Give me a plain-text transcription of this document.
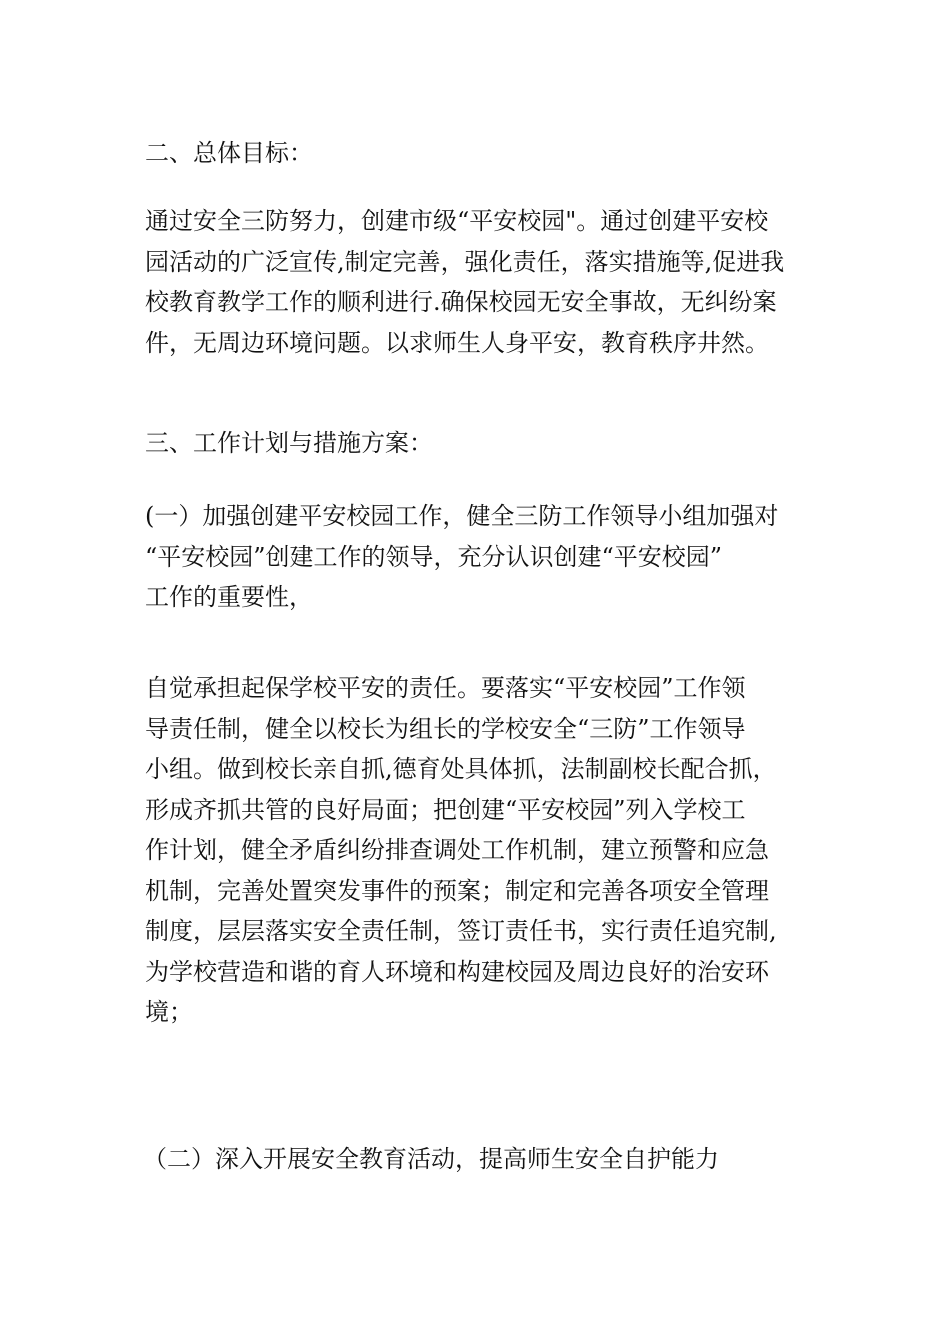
二、总体目标：

通过安全三防努力，创建市级“平安校园"。通过创建平安校
园活动的广泛宣传,制定完善，强化责任，落实措施等,促进我
校教育教学工作的顺利进行.确保校园无安全事故，无纠纷案
件，无周边环境问题。以求师生人身平安，教育秩序井然。

三、工作计划与措施方案：

(一）加强创建平安校园工作，健全三防工作领导小组加强对
“平安校园”创建工作的领导，充分认识创建“平安校园”
工作的重要性，

自觉承担起保学校平安的责任。要落实“平安校园”工作领
导责任制，健全以校长为组长的学校安全“三防”工作领导
小组。做到校长亲自抓,德育处具体抓，法制副校长配合抓，
形成齐抓共管的良好局面；把创建“平安校园”列入学校工
作计划，健全矛盾纠纷排查调处工作机制，建立预警和应急
机制，完善处置突发事件的预案；制定和完善各项安全管理
制度，层层落实安全责任制，签订责任书，实行责任追究制,
为学校营造和谐的育人环境和构建校园及周边良好的治安环
境；

（二）深入开展安全教育活动，提高师生安全自护能力
